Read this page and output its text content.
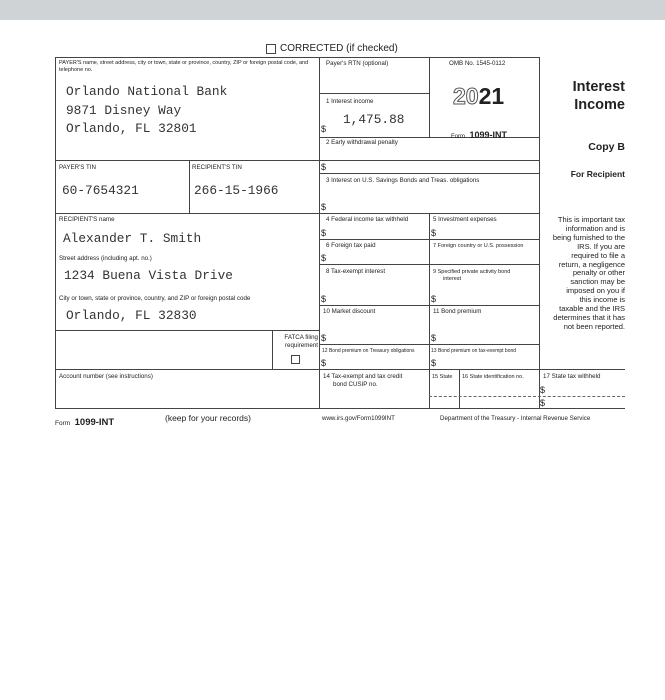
CORRECTED (if checked)
PAYER'S name, street address, city or town, state or province, country, ZIP or foreign postal code, and telephone no.
Orlando National Bank
9871 Disney Way
Orlando, FL 32801
Payer's RTN (optional)	OMB No. 1545-0112
2021
Form 1099-INT
Interest
Income
Copy B
For Recipient
1 Interest income
1,475.88
$
2 Early withdrawal penalty
$
3 Interest on U.S. Savings Bonds and Treas. obligations
$
PAYER'S TIN
60-7654321
RECIPIENT'S TIN
266-15-1966
RECIPIENT'S name
Alexander T. Smith
Street address (including apt. no.)
1234 Buena Vista Drive
City or town, state or province, country, and ZIP or foreign postal code
Orlando, FL 32830
FATCA filing
requirement
Account number (see instructions)
4 Federal income tax withheld
$
5 Investment expenses
$
6 Foreign tax paid
$
7 Foreign country or U.S. possession
8 Tax-exempt interest
$
9 Specified private activity bond
interest
$
10 Market discount
$
11 Bond premium
$
12 Bond premium on Treasury obligations
$
13 Bond premium on tax-exempt bond
$
14 Tax-exempt and tax credit
bond CUSIP no.
15 State 16 State identification no.	17 State tax withheld
$
$
This is important tax
information and is
being furnished to the
IRS. If you are
required to file a
return, a negligence
penalty or other
sanction may be
imposed on you if
this income is
taxable and the IRS
determines that it has
not been reported.
Form 1099-INT	(keep for your records)	www.irs.gov/Form1099INT	Department of the Treasury - Internal Revenue Service
